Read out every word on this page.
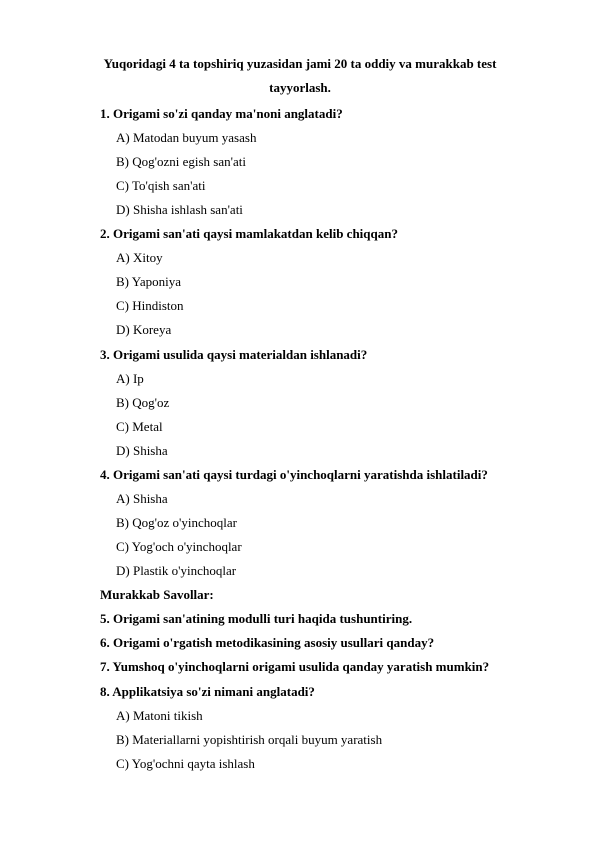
Yuqoridagi 4 ta topshiriq yuzasidan jami 20 ta oddiy va murakkab test
tayyorlash.
1. Origami so'zi qanday ma'noni anglatadi?
A) Matodan buyum yasash
B) Qog'ozni egish san'ati
C) To'qish san'ati
D) Shisha ishlash san'ati
2. Origami san'ati qaysi mamlakatdan kelib chiqqan?
A) Xitoy
B) Yaponiya
C) Hindiston
D) Koreya
3. Origami usulida qaysi materialdan ishlanadi?
A) Ip
B) Qog'oz
C) Metal
D) Shisha
4. Origami san'ati qaysi turdagi o'yinchoqlarni yaratishda ishlatiladi?
A) Shisha
B) Qog'oz o'yinchoqlar
C) Yog'och o'yinchoqlar
D) Plastik o'yinchoqlar
Murakkab Savollar:
5. Origami san'atining modulli turi haqida tushuntiring.
6. Origami o'rgatish metodikasining asosiy usullari qanday?
7. Yumshoq o'yinchoqlarni origami usulida qanday yaratish mumkin?
8. Applikatsiya so'zi nimani anglatadi?
A) Matoni tikish
B) Materiallarni yopishtirish orqali buyum yaratish
C) Yog'ochni qayta ishlash
